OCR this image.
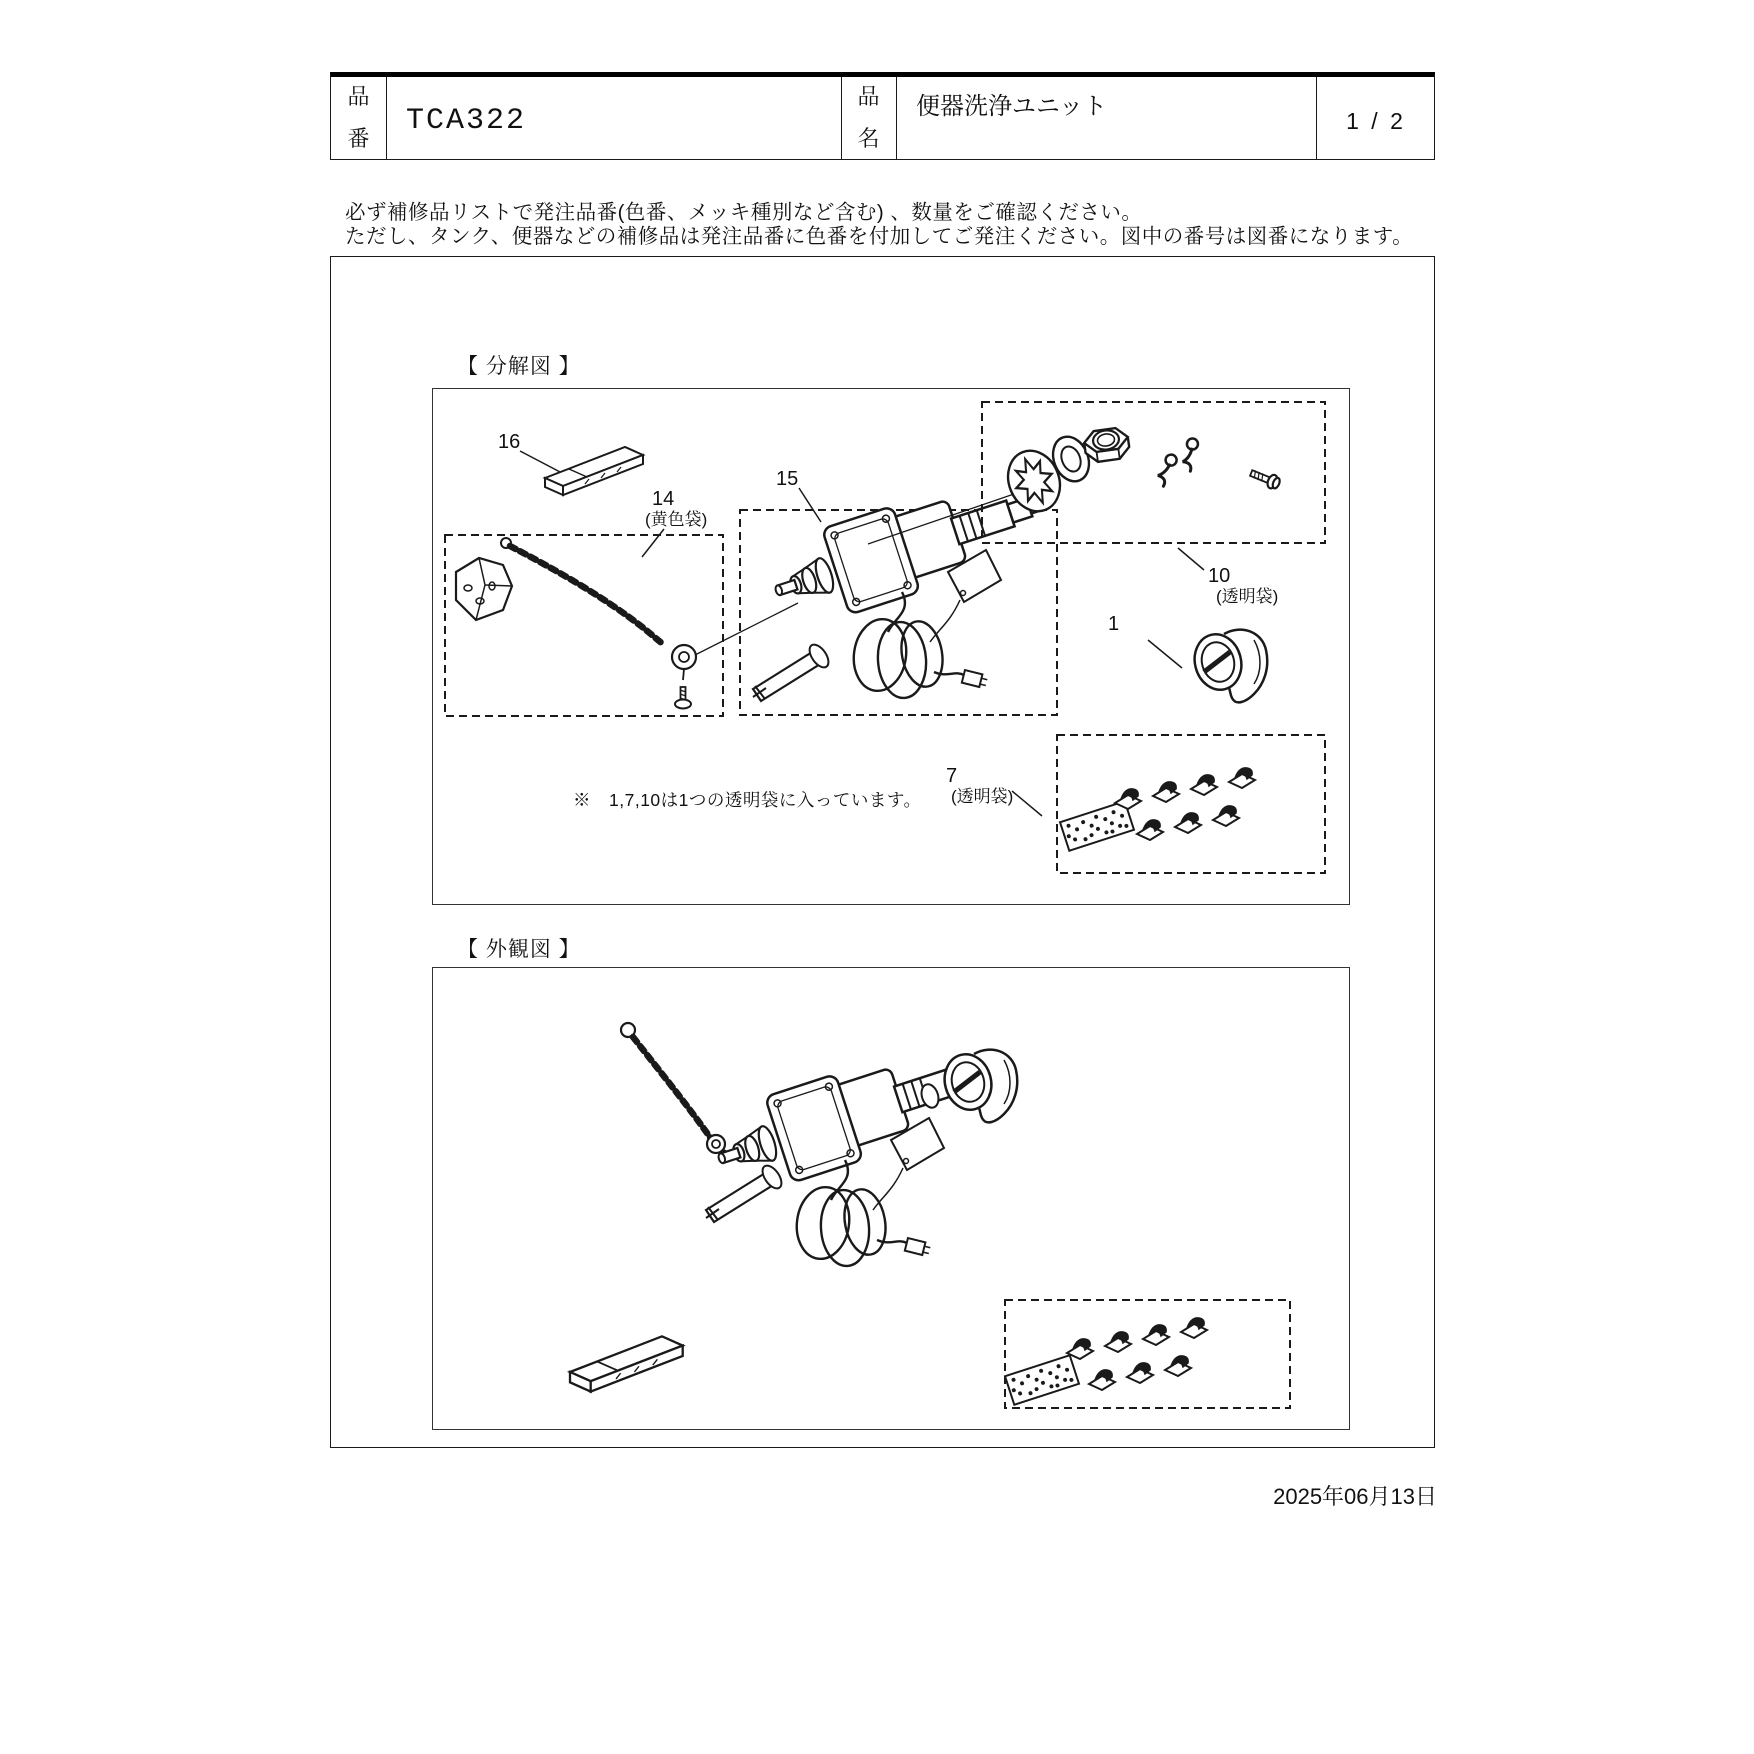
品
番
TCA322
品
名
便器洗浄ユニット
1 / 2
必ず補修品リストで発注品番(色番、メッキ種別など含む) 、数量をご確認ください。
ただし、タンク、便器などの補修品は発注品番に色番を付加してご発注ください。図中の番号は図番になります。
【 分解図 】
【 外観図 】
16
14
(黄色袋)
15
10
(透明袋)
1
7
(透明袋)
※　1,7,10は1つの透明袋に入っています。
2025年06月13日
